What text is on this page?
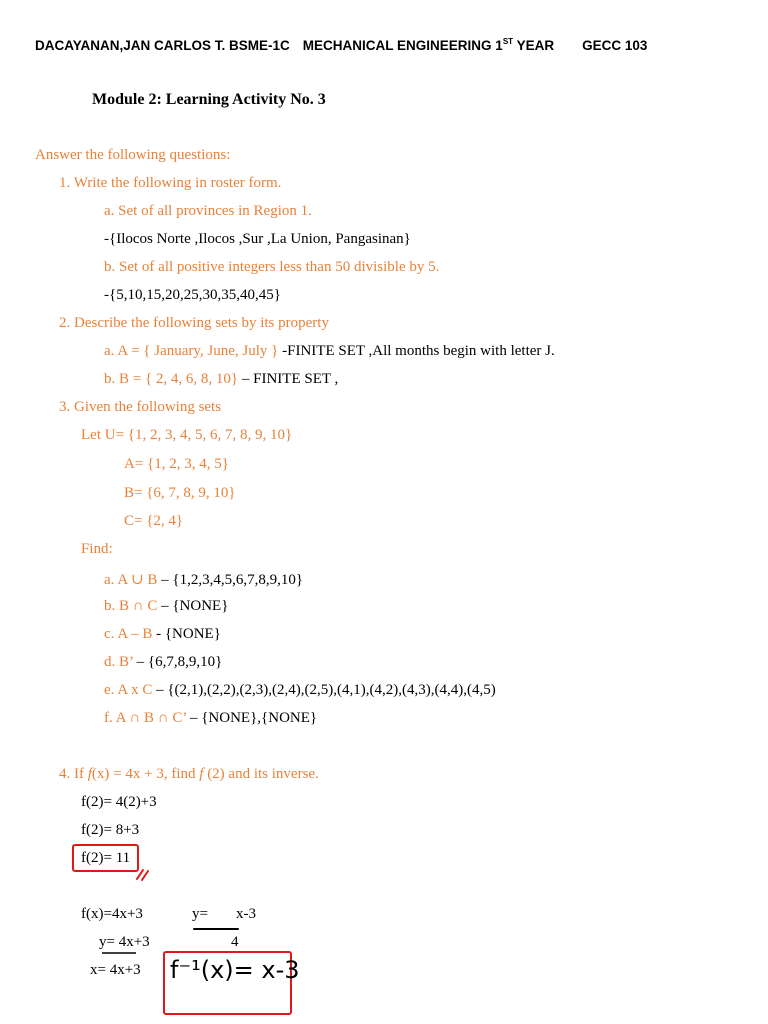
DACAYANAN,JAN CARLOS T. BSME-1C MECHANICAL ENGINEERING 1ST YEAR GECC 103
Module 2: Learning Activity No. 3
Answer the following questions:
1. Write the following in roster form.
a. Set of all provinces in Region 1.
-{Ilocos Norte ,Ilocos ,Sur ,La Union, Pangasinan}
b. Set of all positive integers less than 50 divisible by 5.
-{5,10,15,20,25,30,35,40,45}
2. Describe the following sets by its property
a. A = { January, June, July } -FINITE SET ,All months begin with letter J.
b. B = { 2, 4, 6, 8, 10} – FINITE SET ,
3. Given the following sets
Let U= {1, 2, 3, 4, 5, 6, 7, 8, 9, 10}
A= {1, 2, 3, 4, 5}
B= {6, 7, 8, 9, 10}
C= {2, 4}
Find:
a. A ∪ B – {1,2,3,4,5,6,7,8,9,10}
b. B ∩ C – {NONE}
c. A – B - {NONE}
d. B’ – {6,7,8,9,10}
e. A x C – {(2,1),(2,2),(2,3),(2,4),(2,5),(4,1),(4,2),(4,3),(4,4),(4,5)
f. A ∩ B ∩ C’ – {NONE},{NONE}
4. If f(x) = 4x + 3, find f (2) and its inverse.
f(2)= 4(2)+3
f(2)= 8+3
f(2)= 11
f(x)=4x+3	y= x-3
4
y= 4x+3
x= 4x+3 f⁻¹(x)= x-3
